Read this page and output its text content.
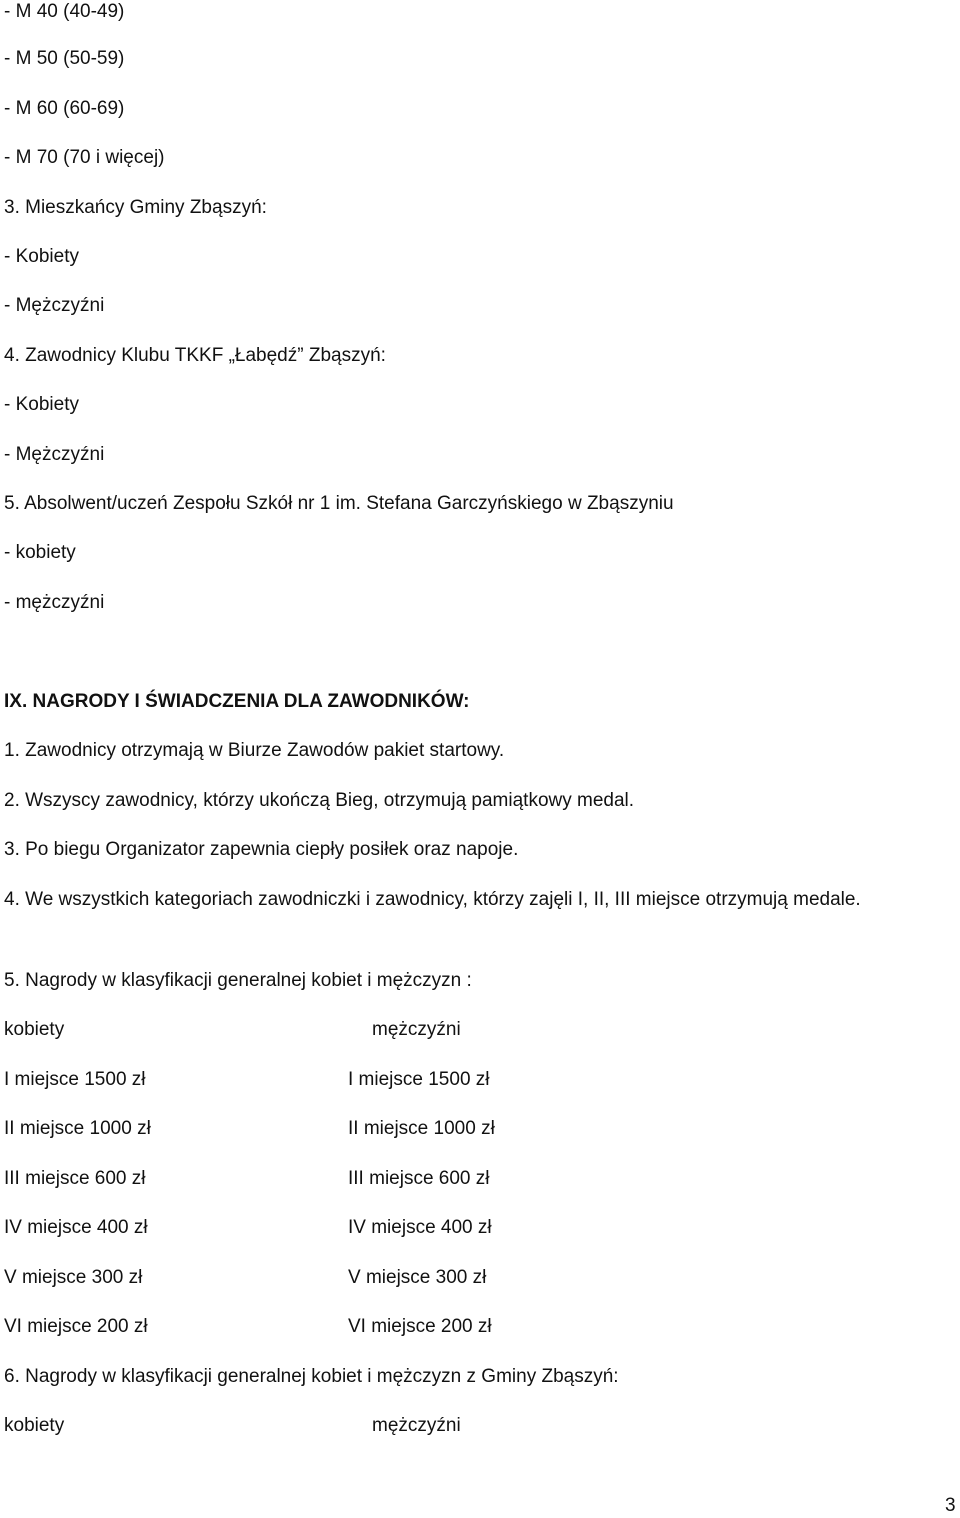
- M 40 (40-49)
- M 50 (50-59)
- M 60 (60-69)
- M 70 (70 i więcej)
3. Mieszkańcy Gminy Zbąszyń:
- Kobiety
- Mężczyźni
4. Zawodnicy Klubu TKKF „Łabędź” Zbąszyń:
- Kobiety
- Mężczyźni
5. Absolwent/uczeń Zespołu Szkół nr 1 im. Stefana Garczyńskiego w Zbąszyniu
- kobiety
- mężczyźni
IX. NAGRODY I ŚWIADCZENIA DLA ZAWODNIKÓW:
1. Zawodnicy otrzymają w Biurze Zawodów pakiet startowy.
2. Wszyscy zawodnicy, którzy ukończą Bieg, otrzymują pamiątkowy medal.
3. Po biegu Organizator zapewnia ciepły posiłek oraz napoje.
4. We wszystkich kategoriach zawodniczki i zawodnicy, którzy zajęli I, II, III miejsce otrzymują medale.
5. Nagrody w klasyfikacji generalnej kobiet i mężczyzn :
kobiety	mężczyźni
I miejsce 1500 zł
II miejsce 1000 zł
III miejsce 600 zł
IV miejsce 400 zł
V miejsce 300 zł
VI miejsce 200 zł
I miejsce 1500 zł
II miejsce 1000 zł
III miejsce 600 zł
IV miejsce 400 zł
V miejsce 300 zł
VI miejsce 200 zł
6. Nagrody w klasyfikacji generalnej kobiet i mężczyzn z Gminy Zbąszyń:
kobiety	mężczyźni
3
